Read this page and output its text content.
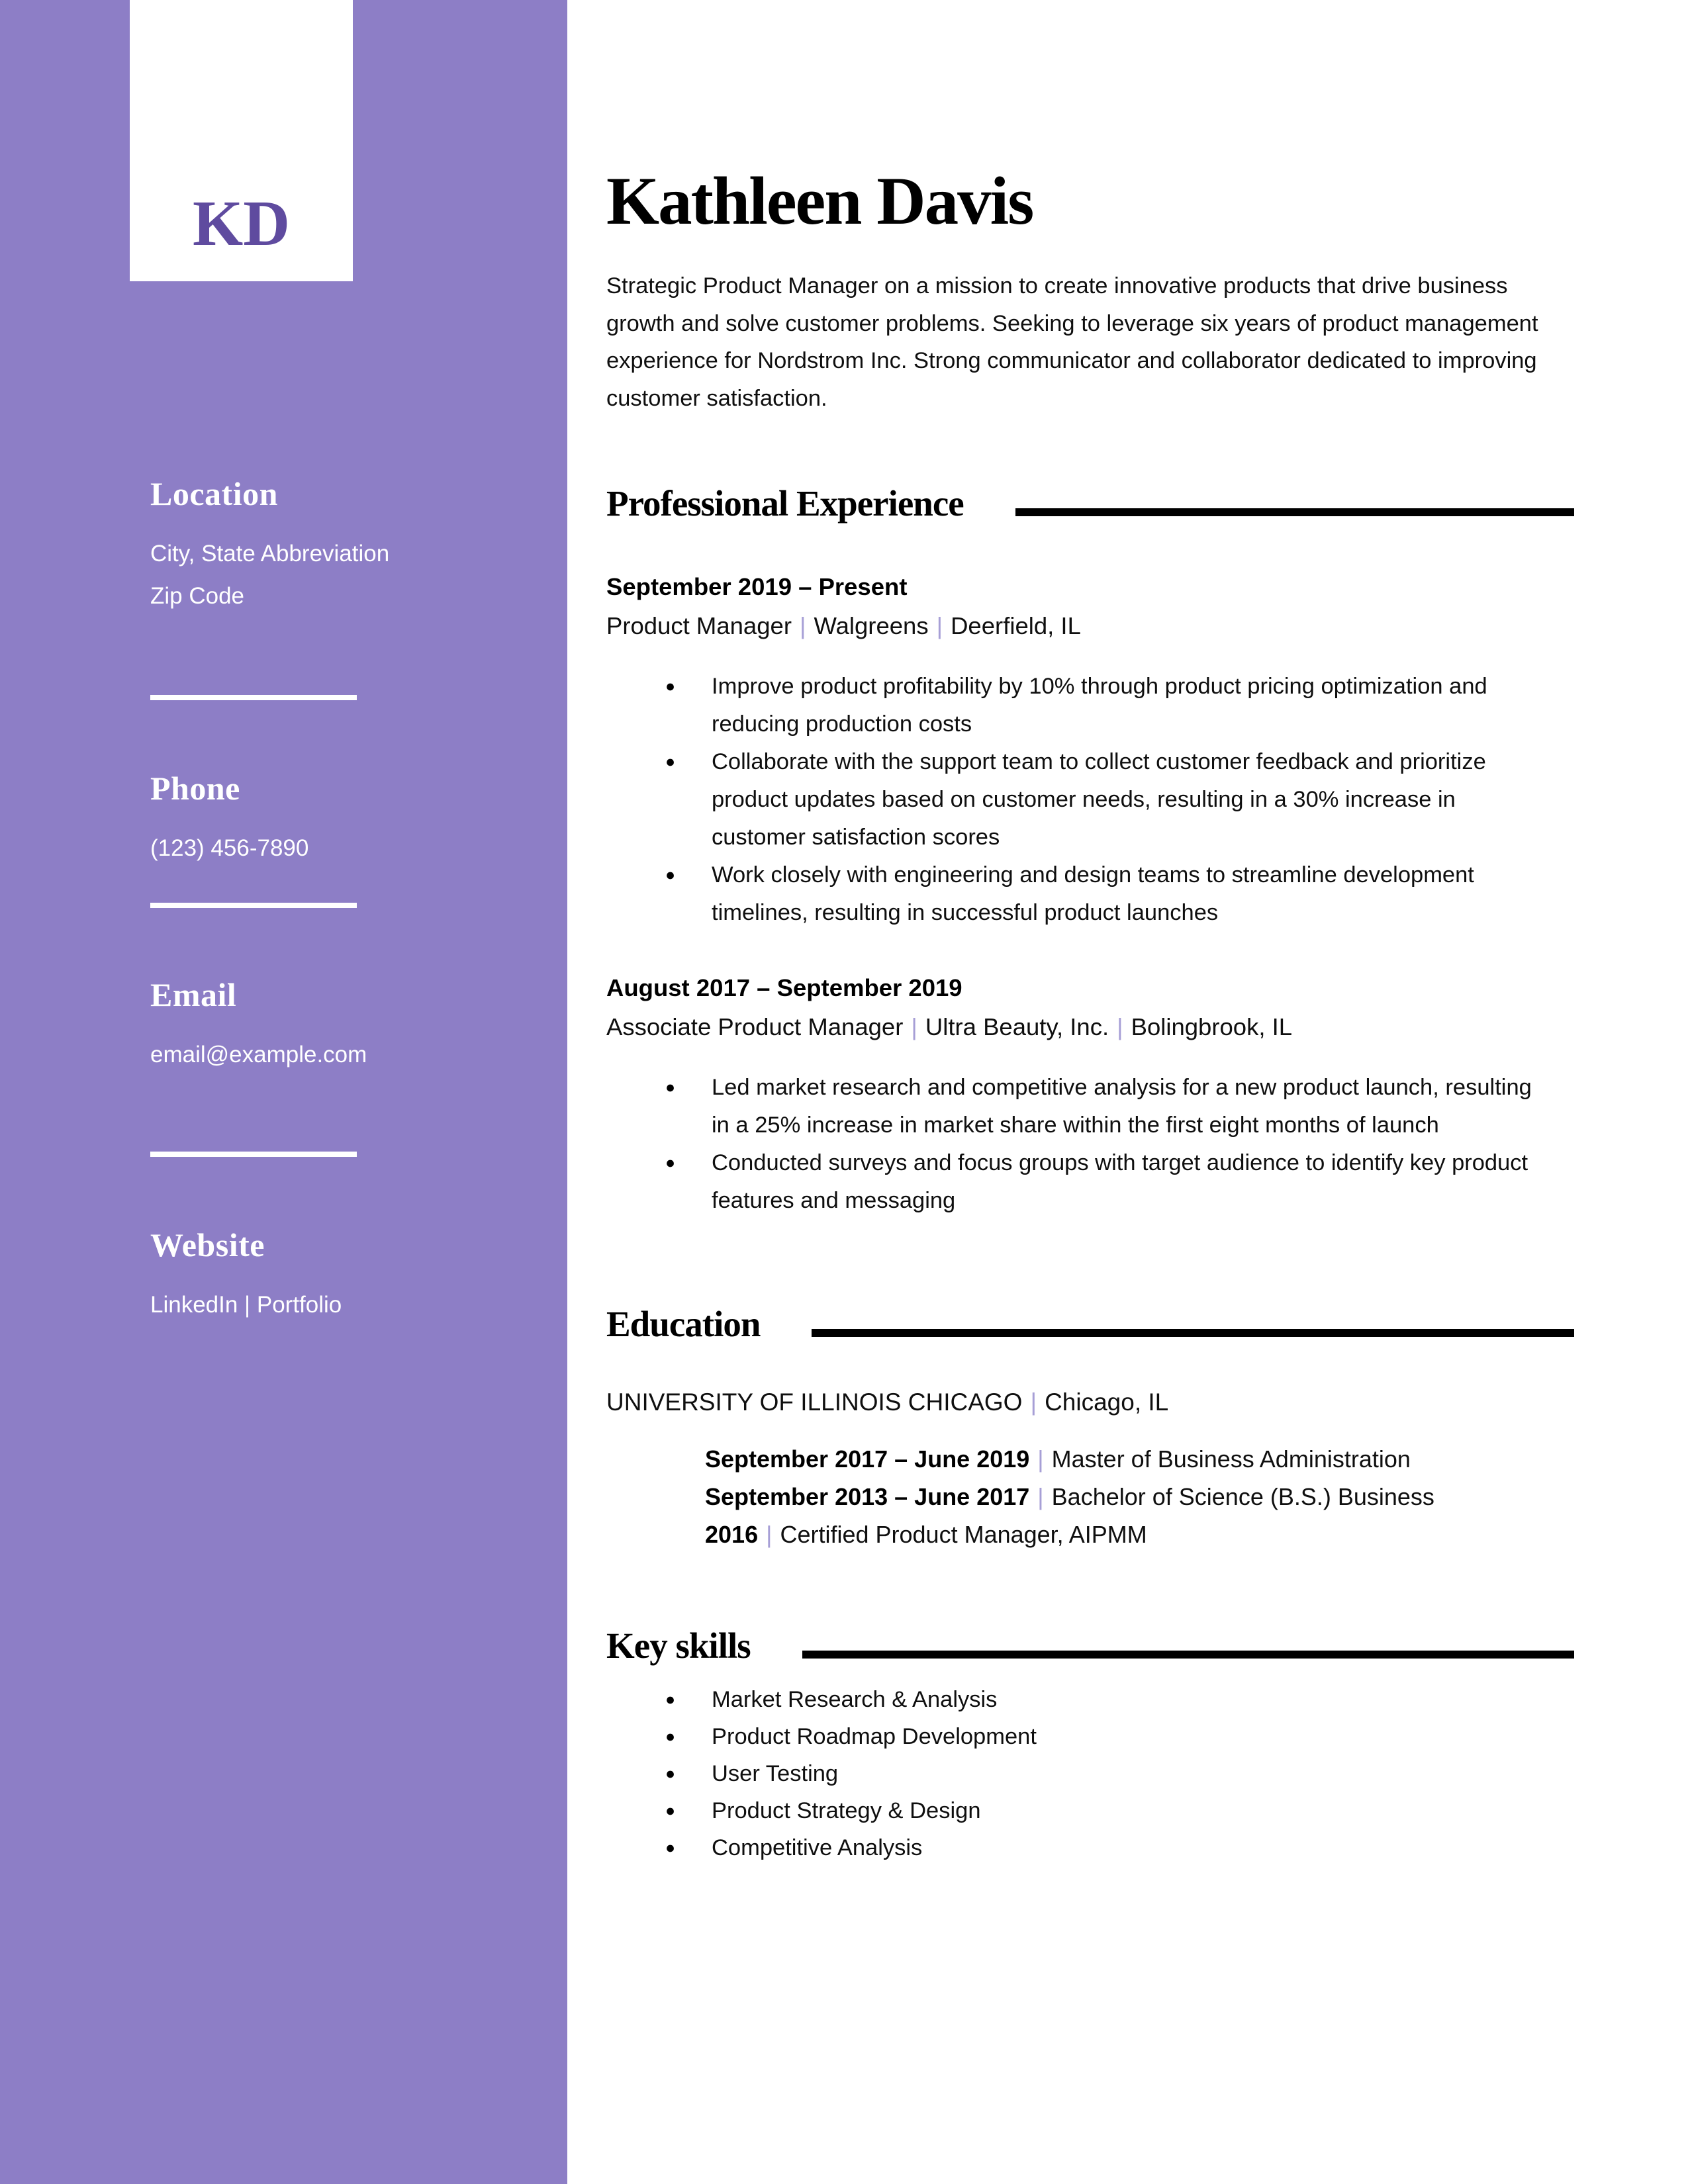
KD
Location
City, State Abbreviation
Zip Code
Phone
(123) 456-7890
Email
email@example.com
Website
LinkedIn | Portfolio
Kathleen Davis

Strategic Product Manager on a mission to create innovative products that drive business growth and solve customer problems. Seeking to leverage six years of product management experience for Nordstrom Inc. Strong communicator and collaborator dedicated to improving customer satisfaction.

Professional Experience
September 2019 – Present
Product Manager | Walgreens | Deerfield, IL
● Improve product profitability by 10% through product pricing optimization and reducing production costs
● Collaborate with the support team to collect customer feedback and prioritize product updates based on customer needs, resulting in a 30% increase in customer satisfaction scores
● Work closely with engineering and design teams to streamline development timelines, resulting in successful product launches
August 2017 – September 2019
Associate Product Manager | Ultra Beauty, Inc. | Bolingbrook, IL
● Led market research and competitive analysis for a new product launch, resulting in a 25% increase in market share within the first eight months of launch
● Conducted surveys and focus groups with target audience to identify key product features and messaging
Education
UNIVERSITY OF ILLINOIS CHICAGO | Chicago, IL
September 2017 – June 2019 | Master of Business Administration
September 2013 – June 2017 | Bachelor of Science (B.S.) Business
2016 | Certified Product Manager, AIPMM
Key skills
● Market Research & Analysis
● Product Roadmap Development
● User Testing
● Product Strategy & Design
● Competitive Analysis
